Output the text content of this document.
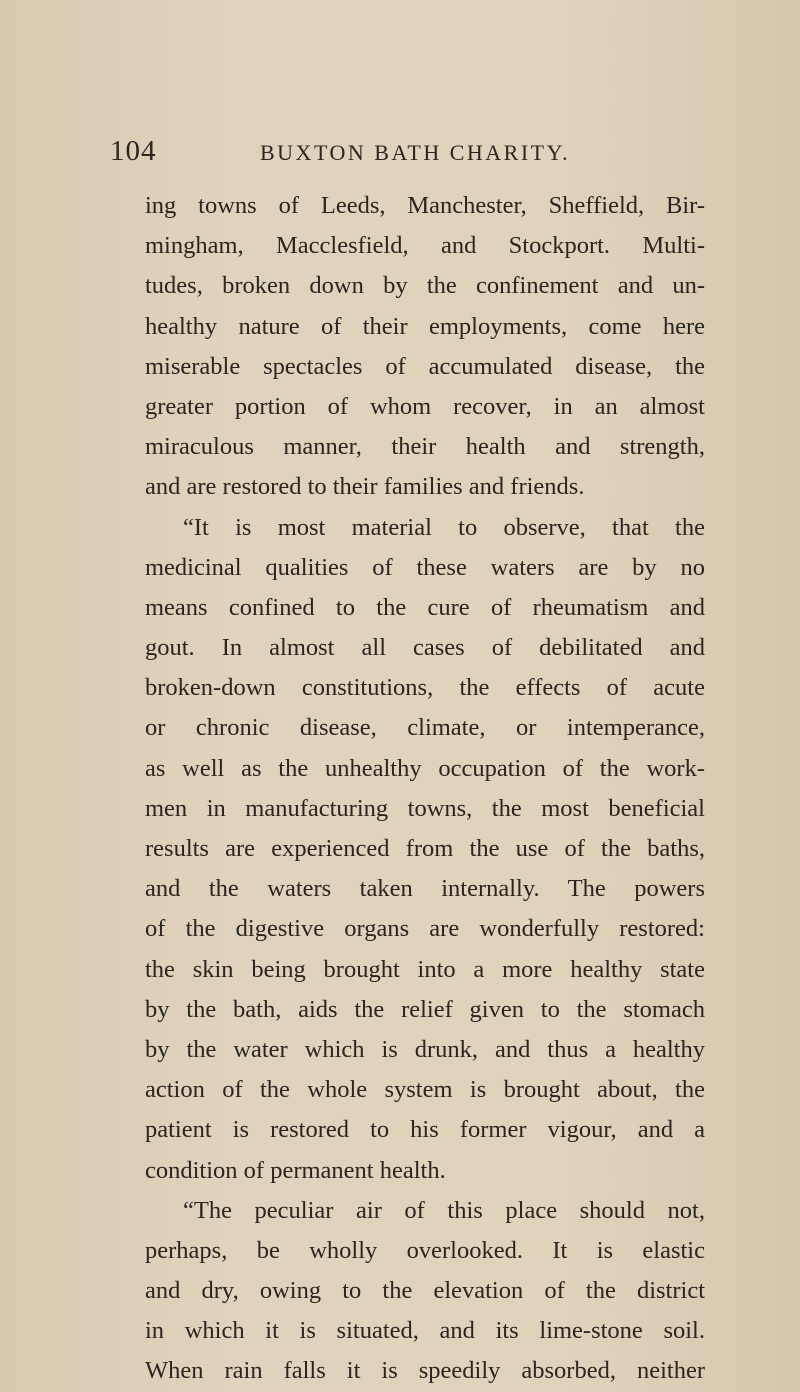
104	BUXTON BATH CHARITY.
ing towns of Leeds, Manchester, Sheffield, Bir-
mingham, Macclesfield, and Stockport. Multi-
tudes, broken down by the confinement and un-
healthy nature of their employments, come here
miserable spectacles of accumulated disease, the
greater portion of whom recover, in an almost
miraculous manner, their health and strength,
and are restored to their families and friends.
“It is most material to observe, that the
medicinal qualities of these waters are by no
means confined to the cure of rheumatism and
gout. In almost all cases of debilitated and
broken-down constitutions, the effects of acute
or chronic disease, climate, or intemperance,
as well as the unhealthy occupation of the work-
men in manufacturing towns, the most beneficial
results are experienced from the use of the baths,
and the waters taken internally. The powers
of the digestive organs are wonderfully restored:
the skin being brought into a more healthy state
by the bath, aids the relief given to the stomach
by the water which is drunk, and thus a healthy
action of the whole system is brought about, the
patient is restored to his former vigour, and a
condition of permanent health.
“The peculiar air of this place should not,
perhaps, be wholly overlooked. It is elastic
and dry, owing to the elevation of the district
in which it is situated, and its lime-stone soil.
When rain falls it is speedily absorbed, neither
